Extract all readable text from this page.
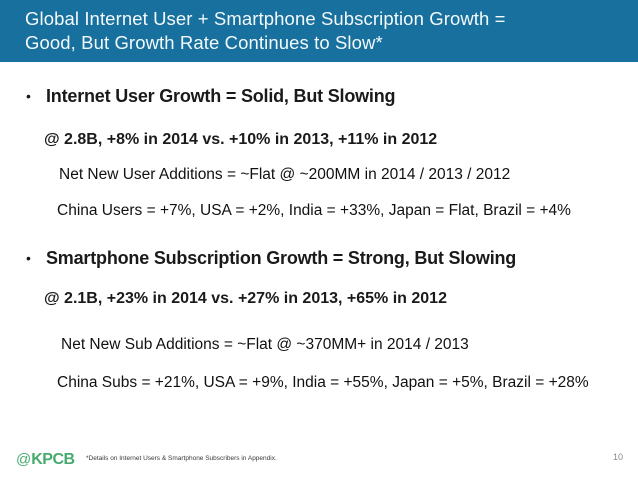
Global Internet User + Smartphone Subscription Growth =
Good, But Growth Rate Continues to Slow*
• Internet User Growth = Solid, But Slowing
@ 2.8B, +8% in 2014 vs. +10% in 2013, +11% in 2012
Net New User Additions = ~Flat @ ~200MM in 2014 / 2013 / 2012
China Users = +7%, USA = +2%, India = +33%, Japan = Flat, Brazil = +4%
• Smartphone Subscription Growth = Strong, But Slowing
@ 2.1B, +23% in 2014 vs. +27% in 2013, +65% in 2012
Net New Sub Additions = ~Flat @ ~370MM+ in 2014 / 2013
China Subs = +21%, USA = +9%, India = +55%, Japan = +5%, Brazil = +28%
@KPCB *Details on Internet Users & Smartphone Subscribers in Appendix.	10
